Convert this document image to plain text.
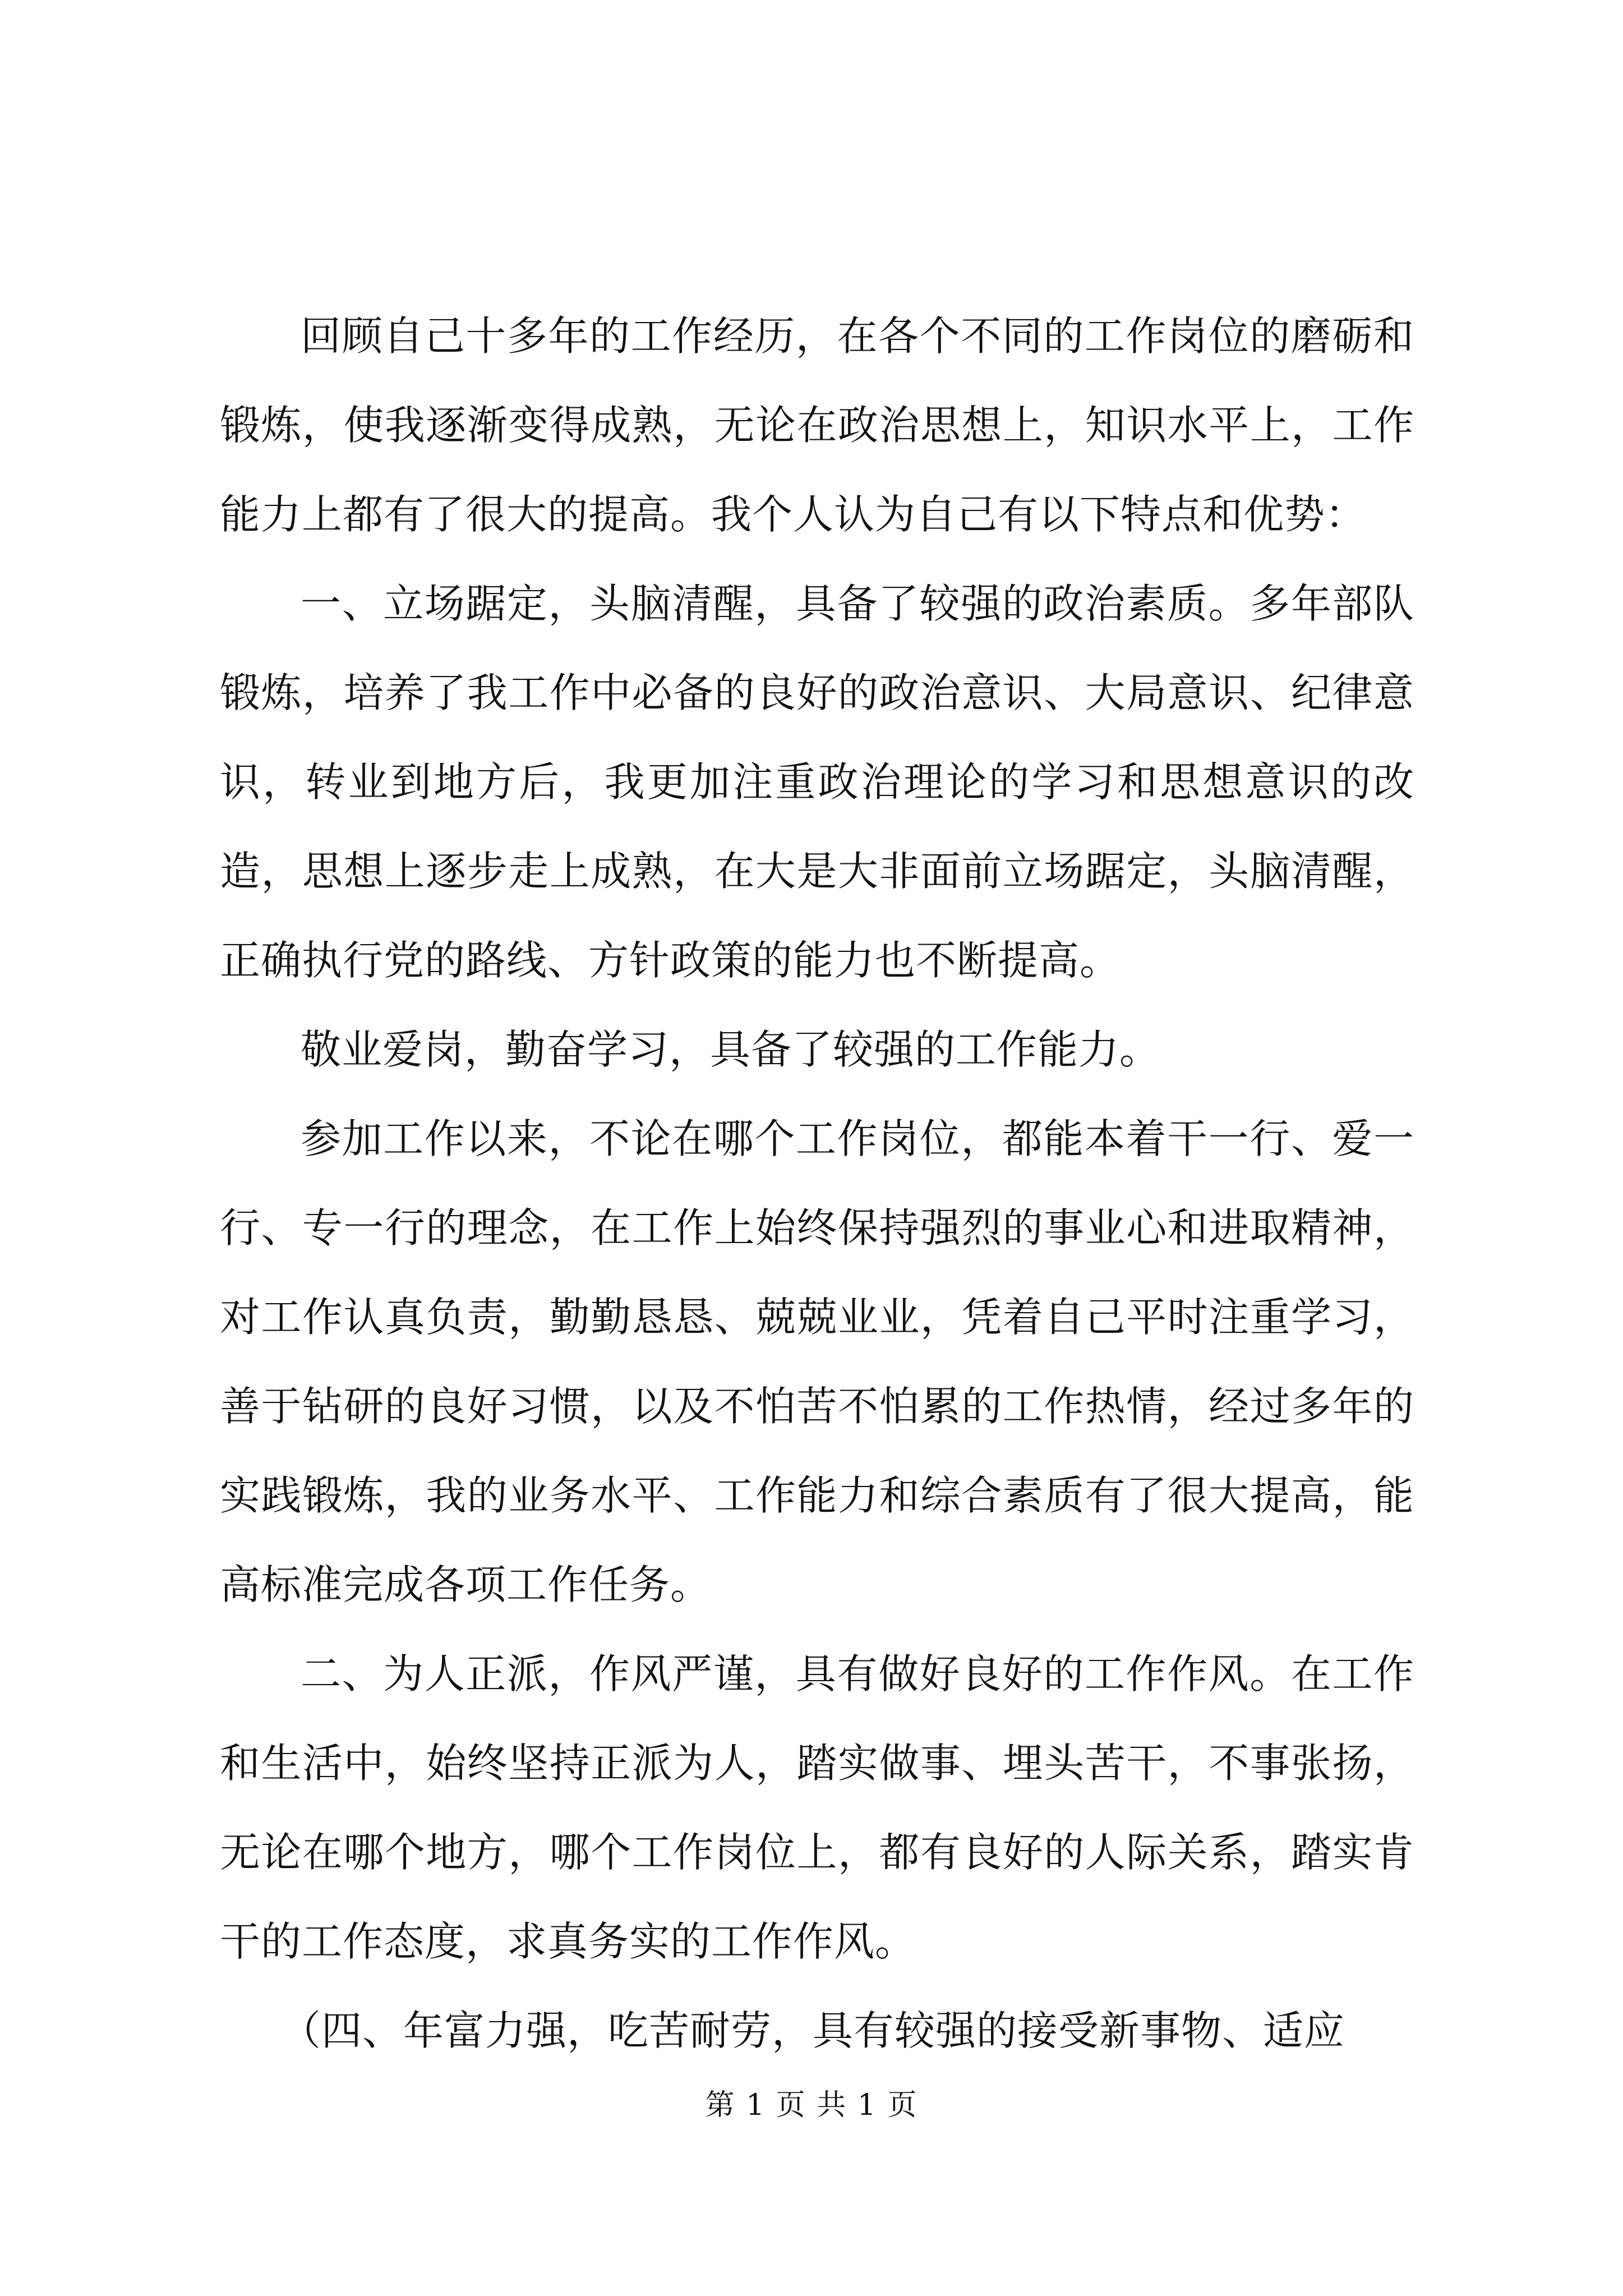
回顾自己十多年的工作经历，在各个不同的工作岗位的磨砺和锻炼，使我逐渐变得成熟，无论在政治思想上，知识水平上，工作能力上都有了很大的提高。我个人认为自己有以下特点和优势：

一、立场踞定，头脑清醒，具备了较强的政治素质。多年部队锻炼，培养了我工作中必备的良好的政治意识、大局意识、纪律意识，转业到地方后，我更加注重政治理论的学习和思想意识的改造，思想上逐步走上成熟，在大是大非面前立场踞定，头脑清醒，正确执行党的路线、方针政策的能力也不断提高。

敬业爱岗，勤奋学习，具备了较强的工作能力。

参加工作以来，不论在哪个工作岗位，都能本着干一行、爱一行、专一行的理念，在工作上始终保持强烈的事业心和进取精神，对工作认真负责，勤勤恳恳、兢兢业业，凭着自己平时注重学习，善于钻研的良好习惯，以及不怕苦不怕累的工作热情，经过多年的实践锻炼，我的业务水平、工作能力和综合素质有了很大提高，能高标准完成各项工作任务。

二、为人正派，作风严谨，具有做好良好的工作作风。在工作和生活中，始终坚持正派为人，踏实做事、埋头苦干，不事张扬，无论在哪个地方，哪个工作岗位上，都有良好的人际关系，踏实肯干的工作态度，求真务实的工作作风。

（四、年富力强，吃苦耐劳，具有较强的接受新事物、适应

第 1 页 共 1 页
